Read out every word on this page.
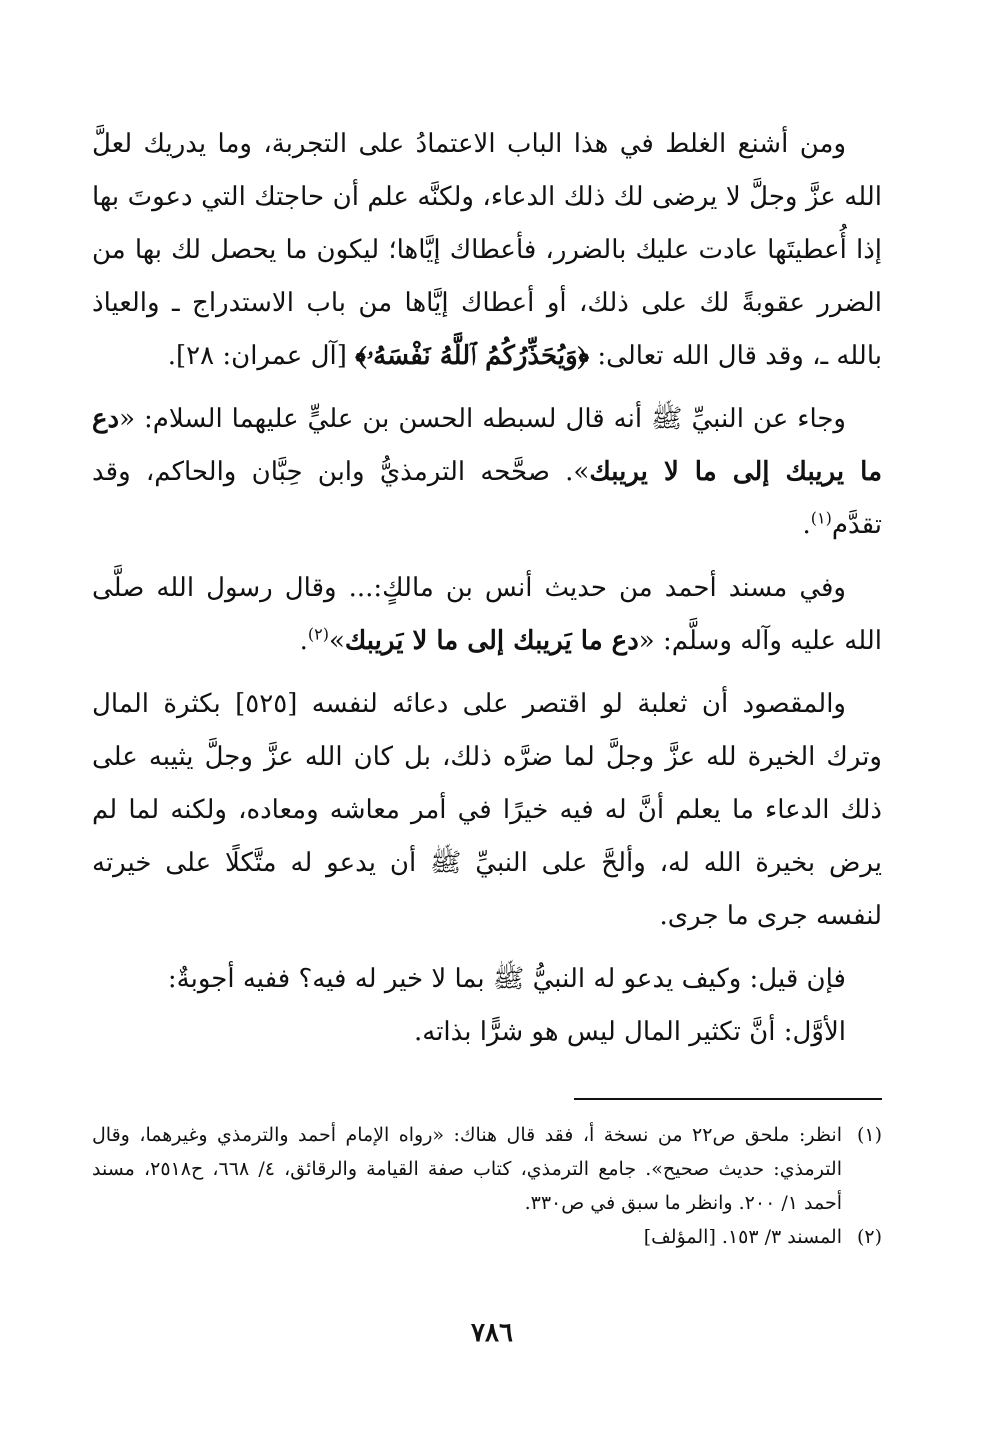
ومن أشنع الغلط في هذا الباب الاعتمادُ على التجربة، وما يدريك لعلَّ الله عزَّ وجلَّ لا يرضى لك ذلك الدعاء، ولكنَّه علم أن حاجتك التي دعوتَ بها إذا أُعطيتَها عادت عليك بالضرر، فأعطاك إيَّاها؛ ليكون ما يحصل لك بها من الضرر عقوبةً لك على ذلك، أو أعطاك إيَّاها من باب الاستدراج ـ والعياذ بالله ـ، وقد قال الله تعالى: ﴿وَيُحَذِّرُكُمُ ٱللَّهُ نَفْسَهُۥ﴾ [آل عمران: ٢٨].

وجاء عن النبيِّ ﷺ أنه قال لسبطه الحسن بن عليٍّ عليهما السلام: «دع ما يريبك إلى ما لا يريبك». صحَّحه الترمذيُّ وابن حِبَّان والحاكم، وقد تقدَّم$^{(١)}$.

وفي مسند أحمد من حديث أنس بن مالكٍ:... وقال رسول الله صلَّى الله عليه وآله وسلَّم: «دع ما يَريبك إلى ما لا يَريبك»$^{(٢)}$.

والمقصود أن ثعلبة لو اقتصر على دعائه لنفسه [٥٢٥] بكثرة المال وترك الخيرة لله عزَّ وجلَّ لما ضرَّه ذلك، بل كان الله عزَّ وجلَّ يثيبه على ذلك الدعاء ما يعلم أنَّ له فيه خيرًا في أمر معاشه ومعاده، ولكنه لما لم يرض بخيرة الله له، وألحَّ على النبيِّ ﷺ أن يدعو له متَّكلًا على خيرته لنفسه جرى ما جرى.

فإن قيل: وكيف يدعو له النبيُّ ﷺ بما لا خير له فيه؟ ففيه أجوبةٌ:

الأوَّل: أنَّ تكثير المال ليس هو شرًّا بذاته.

(١)
انظر: ملحق ص٢٢ من نسخة أ، فقد قال هناك: «رواه الإمام أحمد والترمذي وغيرهما، وقال الترمذي: حديث صحيح». جامع الترمذي، كتاب صفة القيامة والرقائق، ٤/ ٦٦٨، ح٢٥١٨، مسند أحمد ١/ ٢٠٠. وانظر ما سبق في ص٣٣٠.

(٢)
المسند ٣/ ١٥٣. [المؤلف]

٧٨٦
